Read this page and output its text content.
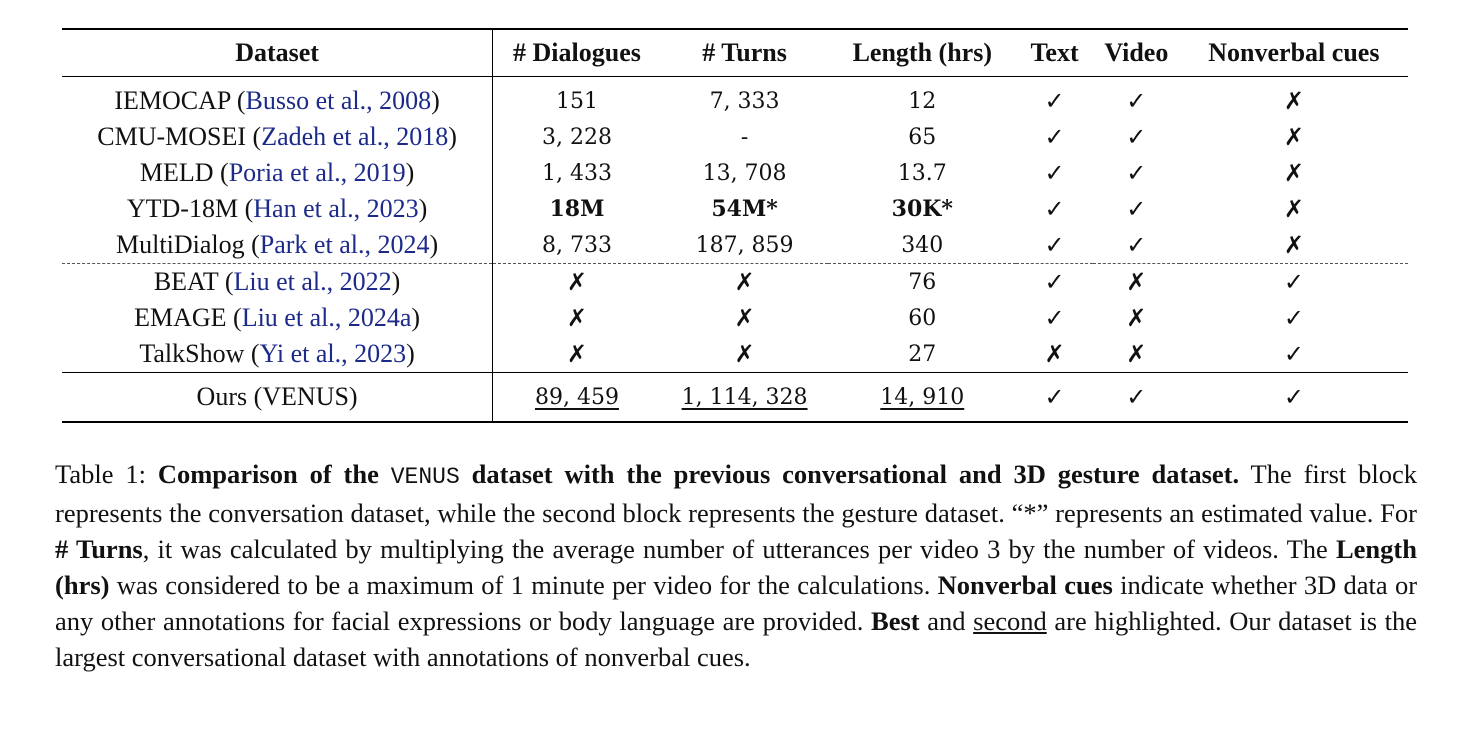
Dataset	# Dialogues	# Turns	Length (hrs)	Text	Video	Nonverbal cues
IEMOCAP (Busso et al., 2008)	151	7, 333	12	✓	✓	✗
CMU-MOSEI (Zadeh et al., 2018)	3, 228	-	65	✓	✓	✗
MELD (Poria et al., 2019)	1, 433	13, 708	13.7	✓	✓	✗
YTD-18M (Han et al., 2023)	18M	54M*	30K*	✓	✓	✗
MultiDialog (Park et al., 2024)	8, 733	187, 859	340	✓	✓	✗
BEAT (Liu et al., 2022)	✗	✗	76	✓	✗	✓
EMAGE (Liu et al., 2024a)	✗	✗	60	✓	✗	✓
TalkShow (Yi et al., 2023)	✗	✗	27	✗	✗	✓
Ours (VENUS)	89, 459	1, 114, 328	14, 910	✓	✓	✓
Table 1: Comparison of the VENUS dataset with the previous conversational and 3D gesture dataset. The first block represents the conversation dataset, while the second block represents the gesture dataset. “*” represents an estimated value. For # Turns, it was calculated by multiplying the average number of utterances per video 3 by the number of videos. The Length (hrs) was considered to be a maximum of 1 minute per video for the calculations. Nonverbal cues indicate whether 3D data or any other annotations for facial expressions or body language are provided. Best and second are highlighted. Our dataset is the largest conversational dataset with annotations of nonverbal cues.
